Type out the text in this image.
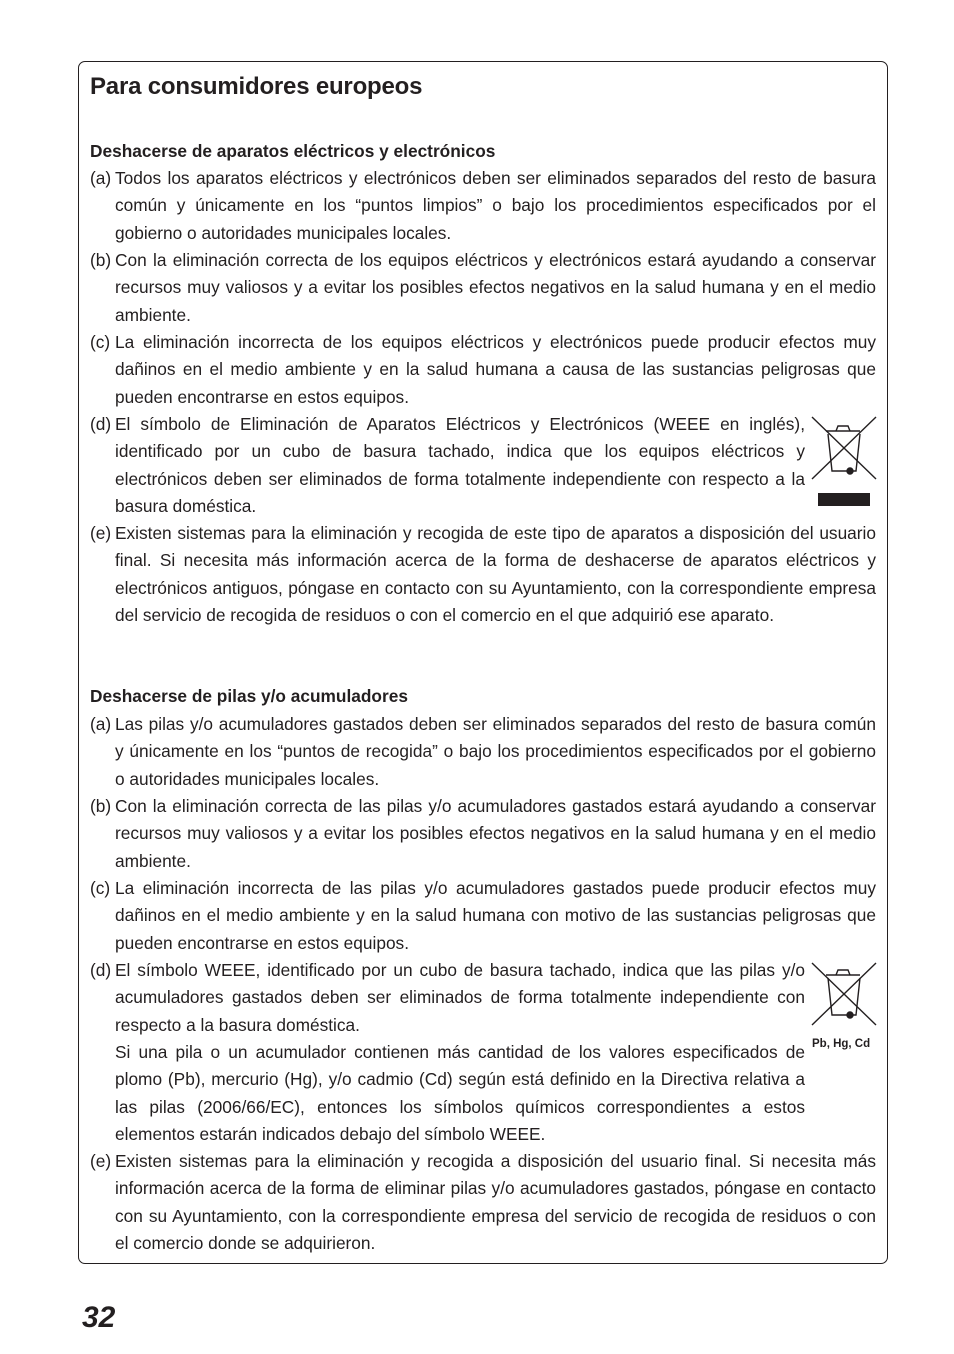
Para consumidores europeos
Deshacerse de aparatos eléctricos y electrónicos
(a) Todos los aparatos eléctricos y electrónicos deben ser eliminados separados del resto de basura común y únicamente en los “puntos limpios” o bajo los procedimientos especificados por el gobierno o autoridades municipales locales.
(b) Con la eliminación correcta de los equipos eléctricos y electrónicos estará ayudando a conservar recursos muy valiosos y a evitar los posibles efectos negativos en la salud humana y en el medio ambiente.
(c) La eliminación incorrecta de los equipos eléctricos y electrónicos puede producir efectos muy dañinos en el medio ambiente y en la salud humana a causa de las sustancias peligrosas que pueden encontrarse en estos equipos.
(d) El símbolo de Eliminación de Aparatos Eléctricos y Electrónicos (WEEE en inglés), identificado por un cubo de basura tachado, indica que los equipos eléctricos y electrónicos deben ser eliminados de forma totalmente independiente con respecto a la basura doméstica.
(e) Existen sistemas para la eliminación y recogida de este tipo de aparatos a disposición del usuario final. Si necesita más información acerca de la forma de deshacerse de aparatos eléctricos y electrónicos antiguos, póngase en contacto con su Ayuntamiento, con la correspondiente empresa del servicio de recogida de residuos o con el comercio en el que adquirió ese aparato.
Deshacerse de pilas y/o acumuladores
(a) Las pilas y/o acumuladores gastados deben ser eliminados separados del resto de basura común y únicamente en los “puntos de recogida” o bajo los procedimientos especificados por el gobierno o autoridades municipales locales.
(b) Con la eliminación correcta de las pilas y/o acumuladores gastados estará ayudando a conservar recursos muy valiosos y a evitar los posibles efectos negativos en la salud humana y en el medio ambiente.
(c) La eliminación incorrecta de las pilas y/o acumuladores gastados puede producir efectos muy dañinos en el medio ambiente y en la salud humana con motivo de las sustancias peligrosas que pueden encontrarse en estos equipos.
(d) El símbolo WEEE, identificado por un cubo de basura tachado, indica que las pilas y/o acumuladores gastados deben ser eliminados de forma totalmente independiente con respecto a la basura doméstica.
Si una pila o un acumulador contienen más cantidad de los valores especificados de plomo (Pb), mercurio (Hg), y/o cadmio (Cd) según está definido en la Directiva relativa a las pilas (2006/66/EC), entonces los símbolos químicos correspondientes a estos elementos estarán indicados debajo del símbolo WEEE.
(e) Existen sistemas para la eliminación y recogida a disposición del usuario final. Si necesita más información acerca de la forma de eliminar pilas y/o acumuladores gastados, póngase en contacto con su Ayuntamiento, con la correspondiente empresa del servicio de recogida de residuos o con el comercio donde se adquirieron.
Pb, Hg, Cd
32
